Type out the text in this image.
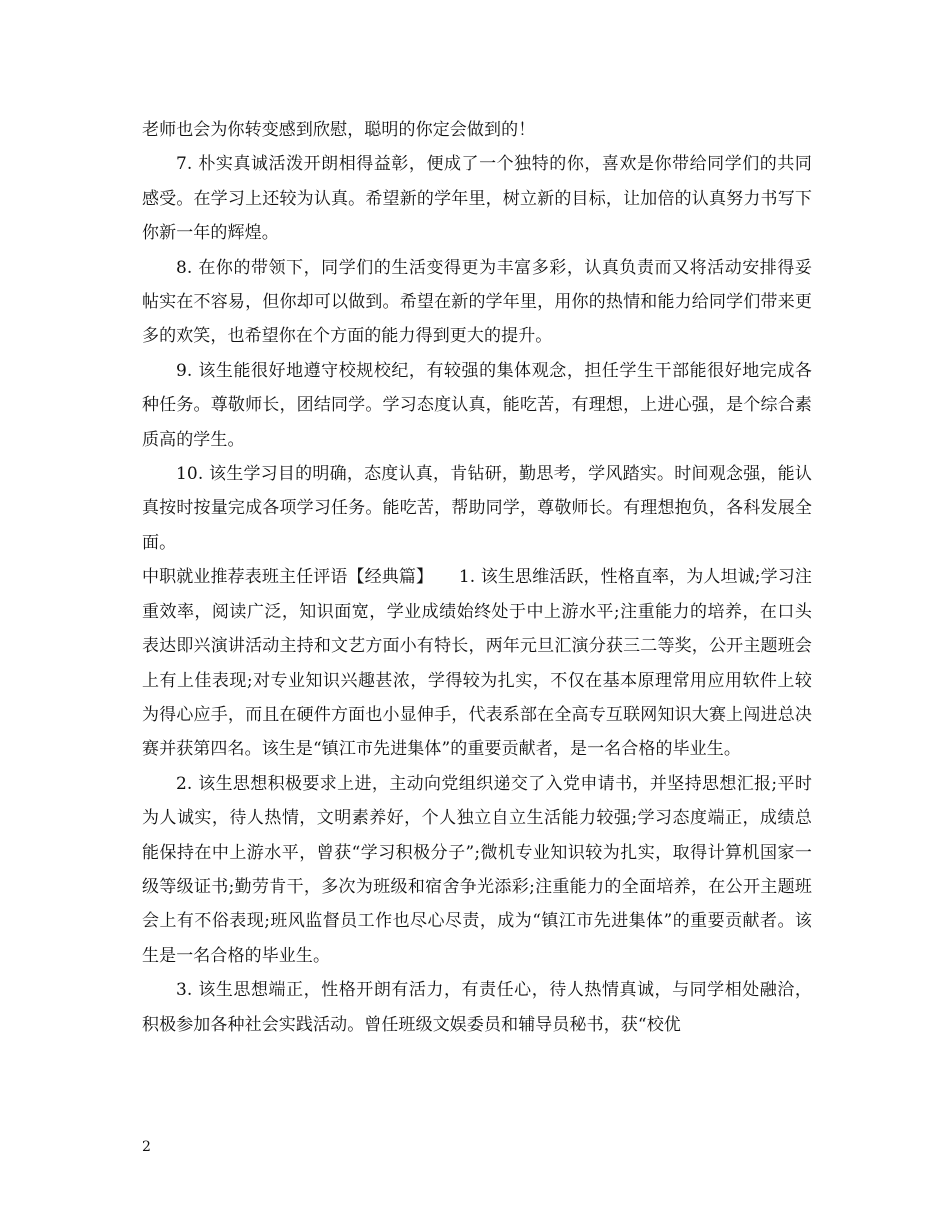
老师也会为你转变感到欣慰，聪明的你定会做到的！

7. 朴实真诚活泼开朗相得益彰，便成了一个独特的你，喜欢是你带给同学们的共同感受。在学习上还较为认真。希望新的学年里，树立新的目标，让加倍的认真努力书写下你新一年的辉煌。

8. 在你的带领下，同学们的生活变得更为丰富多彩，认真负责而又将活动安排得妥帖实在不容易，但你却可以做到。希望在新的学年里，用你的热情和能力给同学们带来更多的欢笑，也希望你在个方面的能力得到更大的提升。

9. 该生能很好地遵守校规校纪，有较强的集体观念，担任学生干部能很好地完成各种任务。尊敬师长，团结同学。学习态度认真，能吃苦，有理想，上进心强，是个综合素质高的学生。

10. 该生学习目的明确，态度认真，肯钻研，勤思考，学风踏实。时间观念强，能认真按时按量完成各项学习任务。能吃苦，帮助同学，尊敬师长。有理想抱负，各科发展全面。

中职就业推荐表班主任评语【经典篇】　　1. 该生思维活跃，性格直率，为人坦诚;学习注重效率，阅读广泛，知识面宽，学业成绩始终处于中上游水平;注重能力的培养，在口头表达即兴演讲活动主持和文艺方面小有特长，两年元旦汇演分获三二等奖，公开主题班会上有上佳表现;对专业知识兴趣甚浓，学得较为扎实，不仅在基本原理常用应用软件上较为得心应手，而且在硬件方面也小显伸手，代表系部在全高专互联网知识大赛上闯进总决赛并获第四名。该生是“镇江市先进集体”的重要贡献者，是一名合格的毕业生。

2. 该生思想积极要求上进，主动向党组织递交了入党申请书，并坚持思想汇报;平时为人诚实，待人热情，文明素养好，个人独立自立生活能力较强;学习态度端正，成绩总能保持在中上游水平，曾获“学习积极分子”;微机专业知识较为扎实，取得计算机国家一级等级证书;勤劳肯干，多次为班级和宿舍争光添彩;注重能力的全面培养，在公开主题班会上有不俗表现;班风监督员工作也尽心尽责，成为“镇江市先进集体”的重要贡献者。该生是一名合格的毕业生。

3. 该生思想端正，性格开朗有活力，有责任心，待人热情真诚，与同学相处融洽，积极参加各种社会实践活动。曾任班级文娱委员和辅导员秘书，获“校优

2
